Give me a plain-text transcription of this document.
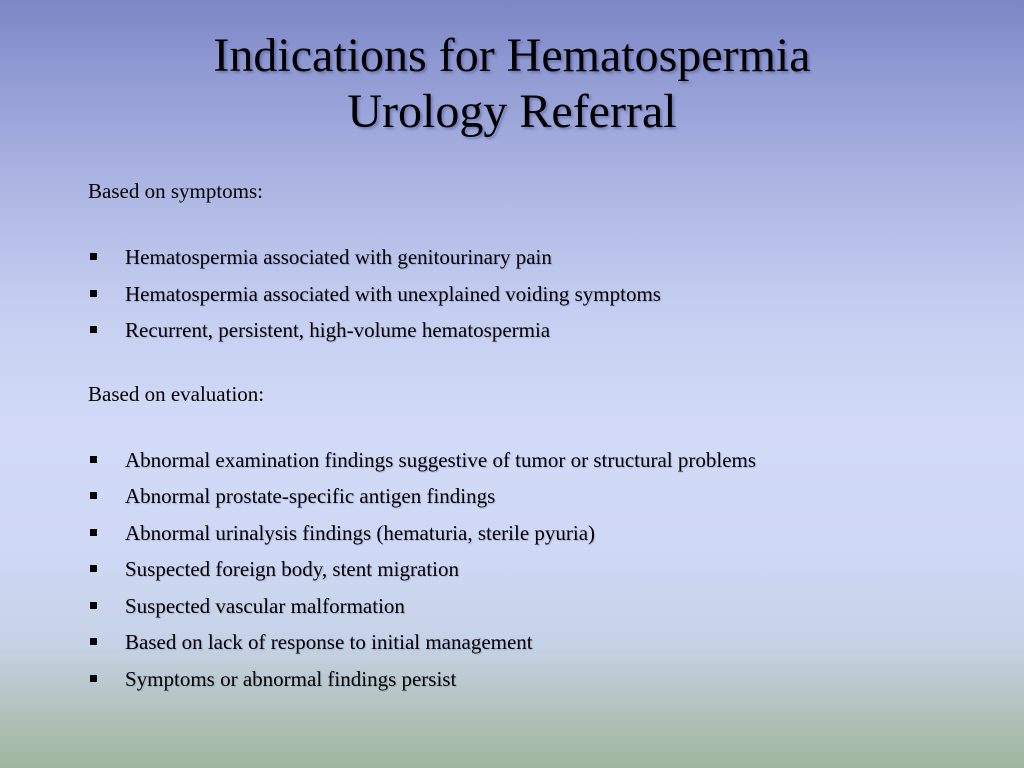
Indications for Hematospermia
Urology Referral

Based on symptoms:

Hematospermia associated with genitourinary pain
Hematospermia associated with unexplained voiding symptoms
Recurrent, persistent, high-volume hematospermia

Based on evaluation:

Abnormal examination findings suggestive of tumor or structural problems
Abnormal prostate-specific antigen findings
Abnormal urinalysis findings (hematuria, sterile pyuria)
Suspected foreign body, stent migration
Suspected vascular malformation
Based on lack of response to initial management
Symptoms or abnormal findings persist
